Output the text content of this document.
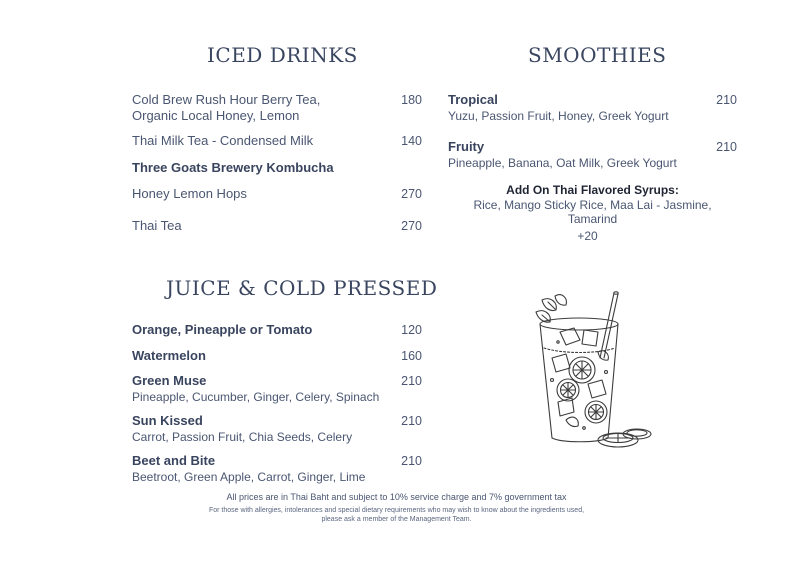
ICED DRINKS
Cold Brew Rush Hour Berry Tea,
Organic Local Honey, Lemon
180
Thai Milk Tea - Condensed Milk	140
Three Goats Brewery Kombucha
Honey Lemon Hops	270
Thai Tea	270
JUICE & COLD PRESSED
Orange, Pineapple or Tomato	120
Watermelon	160
Green Muse
Pineapple, Cucumber, Ginger, Celery, Spinach
210
Sun Kissed
Carrot, Passion Fruit, Chia Seeds, Celery
210
Beet and Bite
Beetroot, Green Apple, Carrot, Ginger, Lime
210
SMOOTHIES
Tropical
Yuzu, Passion Fruit, Honey, Greek Yogurt
210
Fruity
Pineapple, Banana, Oat Milk, Greek Yogurt
210
Add On Thai Flavored Syrups:
Rice, Mango Sticky Rice, Maa Lai - Jasmine,
Tamarind
+20
All prices are in Thai Baht and subject to 10% service charge and 7% government tax
For those with allergies, intolerances and special dietary requirements who may wish to know about the ingredients used,
please ask a member of the Management Team.
